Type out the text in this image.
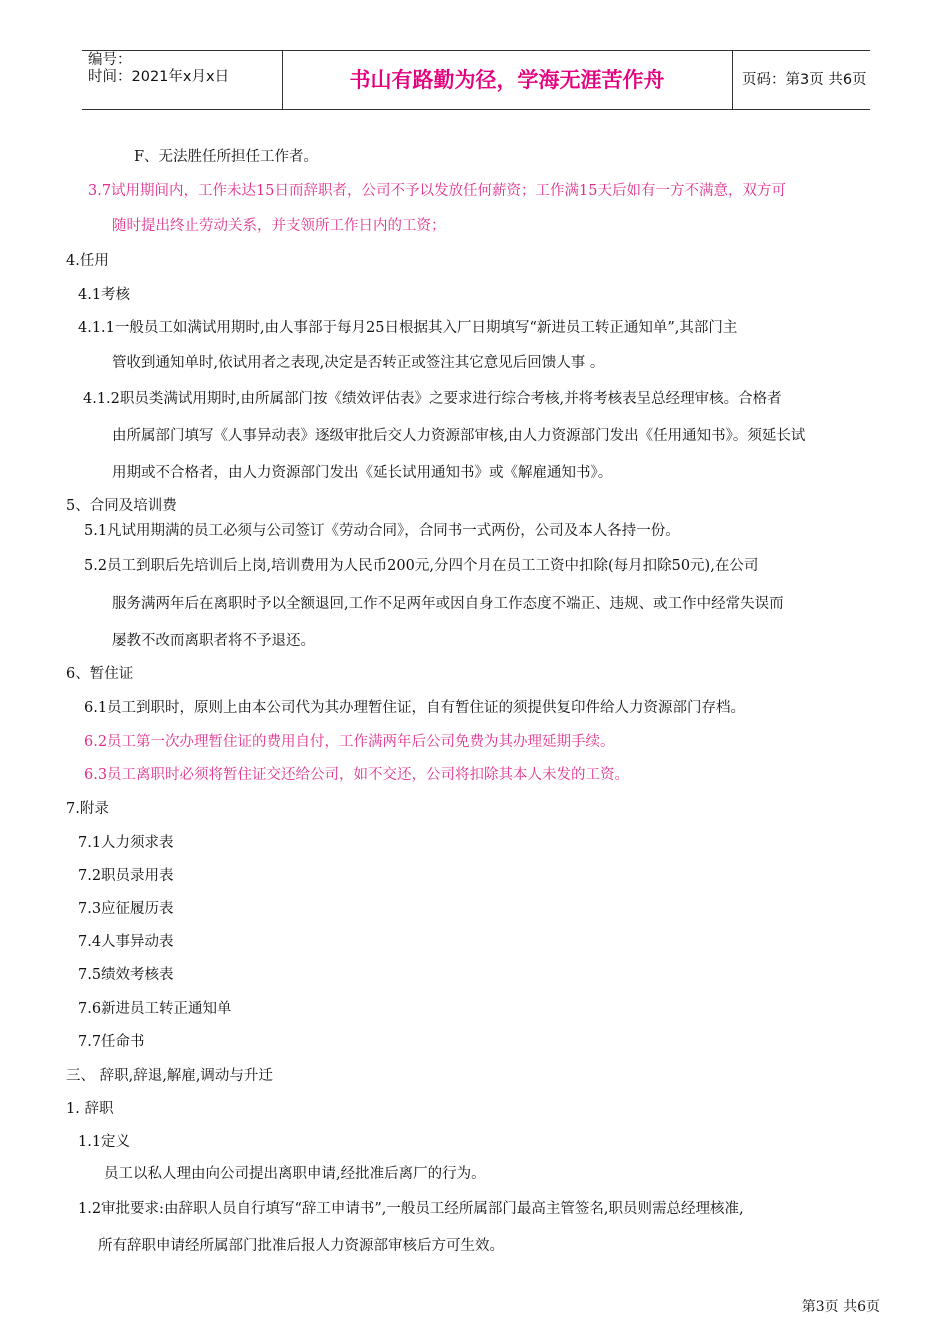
编号：
时间：2021年x月x日	书山有路勤为径，学海无涯苦作舟	页码：第3页 共6页
F、无法胜任所担任工作者。
3.7试用期间内，工作未达15日而辞职者，公司不予以发放任何薪资；工作满15天后如有一方不满意，双方可
随时提出终止劳动关系，并支领所工作日内的工资；
4.任用
4.1考核
4.1.1一般员工如满试用期时,由人事部于每月25日根据其入厂日期填写“新进员工转正通知单”,其部门主
管收到通知单时,依试用者之表现,决定是否转正或签注其它意见后回馈人事 。
4.1.2职员类满试用期时,由所属部门按《绩效评估表》之要求进行综合考核,并将考核表呈总经理审核。合格者
由所属部门填写《人事异动表》逐级审批后交人力资源部审核,由人力资源部门发出《任用通知书》。须延长试
用期或不合格者，由人力资源部门发出《延长试用通知书》或《解雇通知书》。
5、合同及培训费
5.1凡试用期满的员工必须与公司签订《劳动合同》，合同书一式两份，公司及本人各持一份。
5.2员工到职后先培训后上岗,培训费用为人民币200元,分四个月在员工工资中扣除(每月扣除50元),在公司
服务满两年后在离职时予以全额退回,工作不足两年或因自身工作态度不端正、违规、或工作中经常失误而
屡教不改而离职者将不予退还。
6、暂住证
6.1员工到职时，原则上由本公司代为其办理暂住证，自有暂住证的须提供复印件给人力资源部门存档。
6.2员工第一次办理暂住证的费用自付，工作满两年后公司免费为其办理延期手续。
6.3员工离职时必须将暂住证交还给公司，如不交还，公司将扣除其本人未发的工资。
7.附录
7.1人力须求表
7.2职员录用表
7.3应征履历表
7.4人事异动表
7.5绩效考核表
7.6新进员工转正通知单
7.7任命书
三、 辞职,辞退,解雇,调动与升迁
1. 辞职
1.1定义
员工以私人理由向公司提出离职申请,经批准后离厂的行为。
1.2审批要求:由辞职人员自行填写“辞工申请书”,一般员工经所属部门最高主管签名,职员则需总经理核准,
所有辞职申请经所属部门批准后报人力资源部审核后方可生效。
第3页 共6页
